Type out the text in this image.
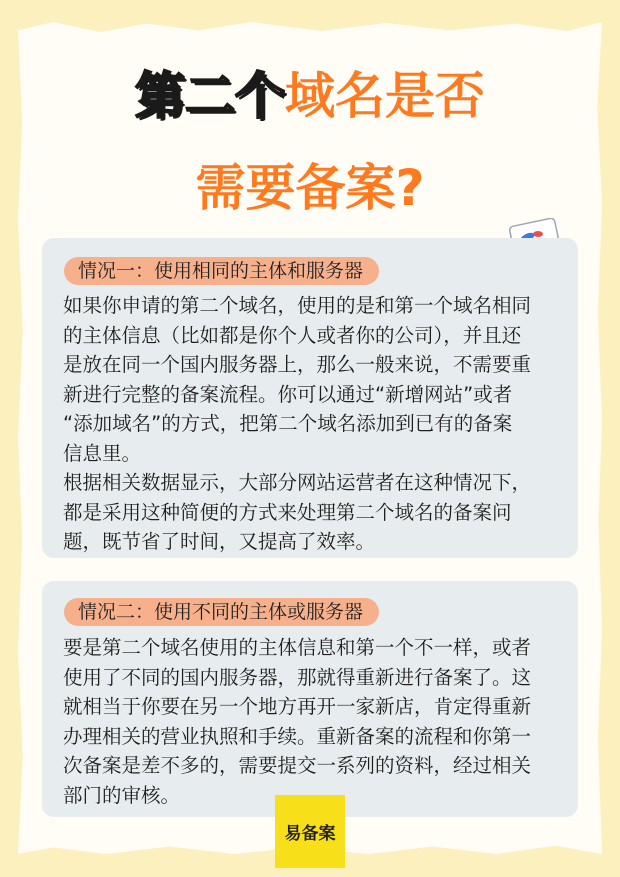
第二个域名是否
需要备案?
情况一：使用相同的主体和服务器
如果你申请的第二个域名，使用的是和第一个域名相同
的主体信息（比如都是你个人或者你的公司），并且还
是放在同一个国内服务器上，那么一般来说，不需要重
新进行完整的备案流程。你可以通过“新增网站”或者
“添加域名”的方式，把第二个域名添加到已有的备案
信息里。
根据相关数据显示，大部分网站运营者在这种情况下，
都是采用这种简便的方式来处理第二个域名的备案问
题，既节省了时间，又提高了效率。
情况二：使用不同的主体或服务器
要是第二个域名使用的主体信息和第一个不一样，或者
使用了不同的国内服务器，那就得重新进行备案了。这
就相当于你要在另一个地方再开一家新店，肯定得重新
办理相关的营业执照和手续。重新备案的流程和你第一
次备案是差不多的，需要提交一系列的资料，经过相关
部门的审核。
易备案
